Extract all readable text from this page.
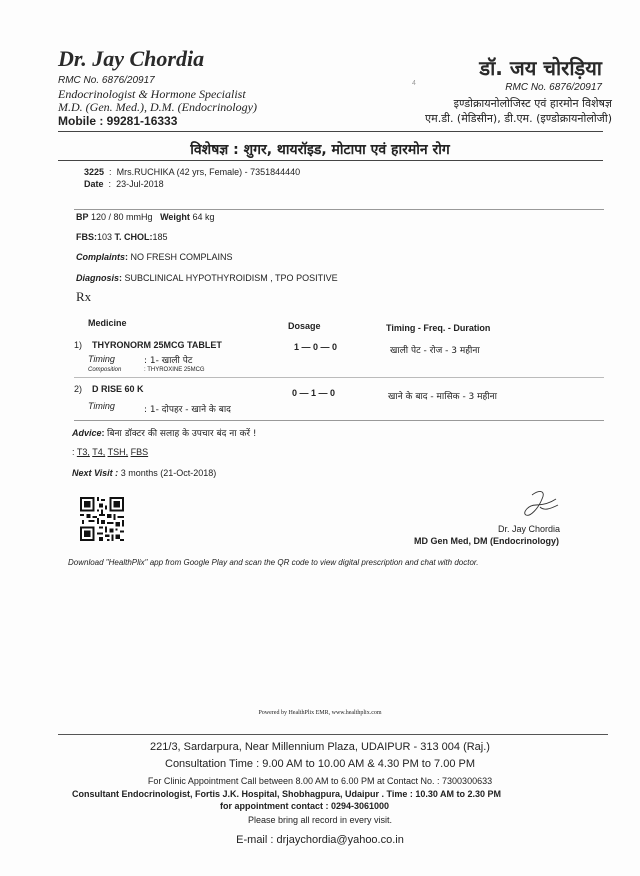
Dr. Jay Chordia
RMC No. 6876/20917
Endocrinologist & Hormone Specialist
M.D. (Gen. Med.), D.M. (Endocrinology)
Mobile : 99281-16333
4
डॉ. जय चोरड़िया
RMC No. 6876/20917
इण्डोक्रायनोलोजिस्ट एवं हारमोन विशेषज्ञ
एम.डी. (मेडिसीन), डी.एम. (इण्डोक्रायनोलोजी)
विशेषज्ञ : शुगर, थायरॉइड, मोटापा एवं हारमोन रोग
3225  :  Mrs.RUCHIKA (42 yrs, Female) - 7351844440
Date  :  23-Jul-2018
BP 120 / 80 mmHg Weight 64 kg
FBS:103 T. CHOL:185
Complaints: NO FRESH COMPLAINS
Diagnosis: SUBCLINICAL HYPOTHYROIDISM , TPO POSITIVE
Rx
Medicine	Dosage	Timing - Freq. - Duration
1) THYRONORM 25MCG TABLET
Timing	: 1- खाली पेट
Composition	: THYROXINE 25MCG
1 — 0 — 0	खाली पेट - रोज - 3 महीना
2) D RISE 60 K
Timing	: 1- दोपहर - खाने के बाद
0 — 1 — 0	खाने के बाद - मासिक - 3 महीना
Advice: बिना डॉक्टर की सलाह के उपचार बंद ना करें !
: T3, T4, TSH, FBS
Next Visit : 3 months (21-Oct-2018)
Dr. Jay Chordia
MD Gen Med, DM (Endocrinology)
Download "HealthPlix" app from Google Play and scan the QR code to view digital prescription and chat with doctor.
Powered by HealthPlix EMR, www.healthplix.com
221/3, Sardarpura, Near Millennium Plaza, UDAIPUR - 313 004 (Raj.)
Consultation Time : 9.00 AM to 10.00 AM & 4.30 PM to 7.00 PM
For Clinic Appointment Call between 8.00 AM to 6.00 PM at Contact No. : 7300300633
Consultant Endocrinologist, Fortis J.K. Hospital, Shobhagpura, Udaipur . Time : 10.30 AM to 2.30 PM
for appointment contact : 0294-3061000
Please bring all record in every visit.
E-mail : drjaychordia@yahoo.co.in
